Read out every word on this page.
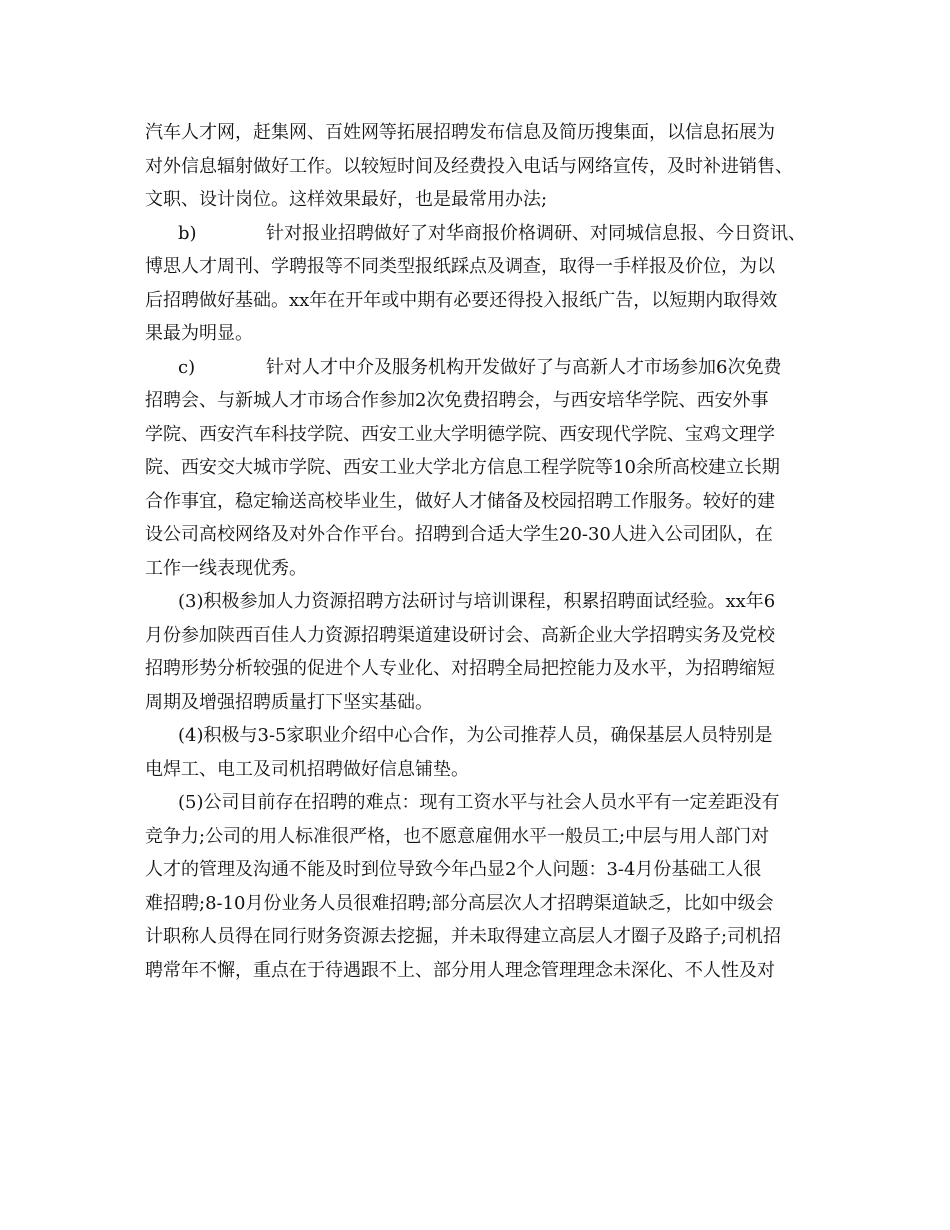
汽车人才网，赶集网、百姓网等拓展招聘发布信息及简历搜集面，以信息拓展为
对外信息辐射做好工作。以较短时间及经费投入电话与网络宣传，及时补进销售、
文职、设计岗位。这样效果最好，也是最常用办法;
b)	针对报业招聘做好了对华商报价格调研、对同城信息报、今日资讯、
博思人才周刊、学聘报等不同类型报纸踩点及调查，取得一手样报及价位，为以
后招聘做好基础。xx年在开年或中期有必要还得投入报纸广告，以短期内取得效
果最为明显。
c)	针对人才中介及服务机构开发做好了与高新人才市场参加6次免费
招聘会、与新城人才市场合作参加2次免费招聘会，与西安培华学院、西安外事
学院、西安汽车科技学院、西安工业大学明德学院、西安现代学院、宝鸡文理学
院、西安交大城市学院、西安工业大学北方信息工程学院等10余所高校建立长期
合作事宜，稳定输送高校毕业生，做好人才储备及校园招聘工作服务。较好的建
设公司高校网络及对外合作平台。招聘到合适大学生20-30人进入公司团队，在
工作一线表现优秀。
(3)积极参加人力资源招聘方法研讨与培训课程，积累招聘面试经验。xx年6
月份参加陕西百佳人力资源招聘渠道建设研讨会、高新企业大学招聘实务及党校
招聘形势分析较强的促进个人专业化、对招聘全局把控能力及水平，为招聘缩短
周期及增强招聘质量打下坚实基础。
(4)积极与3-5家职业介绍中心合作，为公司推荐人员，确保基层人员特别是
电焊工、电工及司机招聘做好信息铺垫。
(5)公司目前存在招聘的难点：现有工资水平与社会人员水平有一定差距没有
竞争力;公司的用人标准很严格，也不愿意雇佣水平一般员工;中层与用人部门对
人才的管理及沟通不能及时到位导致今年凸显2个人问题：3-4月份基础工人很
难招聘;8-10月份业务人员很难招聘;部分高层次人才招聘渠道缺乏，比如中级会
计职称人员得在同行财务资源去挖掘，并未取得建立高层人才圈子及路子;司机招
聘常年不懈，重点在于待遇跟不上、部分用人理念管理理念未深化、不人性及对
